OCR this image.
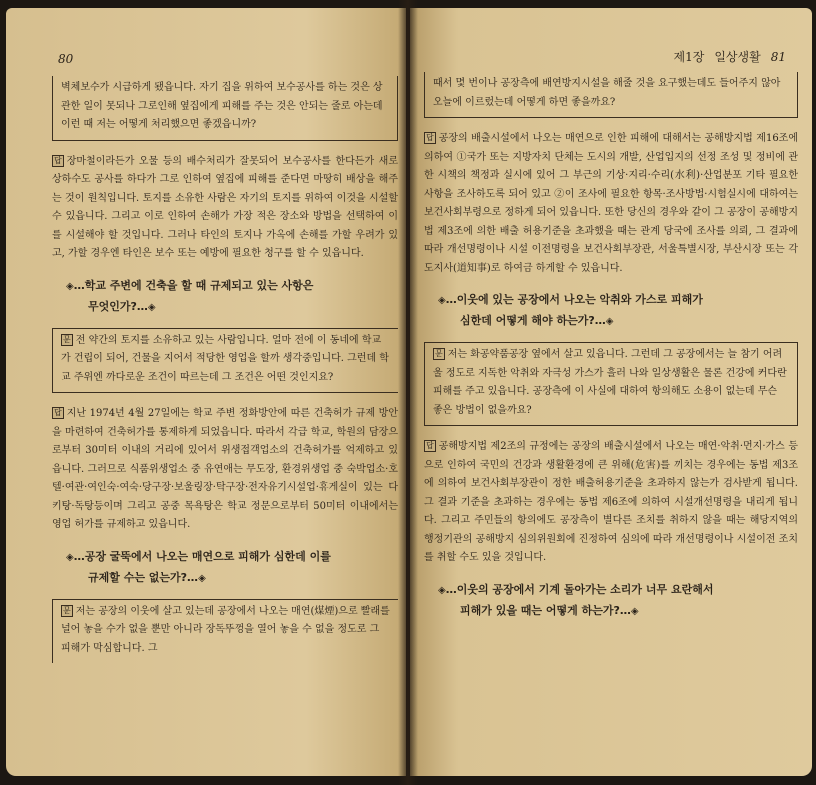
80
벽체보수가 시급하게 됐읍니다. 자기 집을 위하여 보수공사를 하는 것은 상관한 일이 못되나 그로인해 옆집에게 피해를 주는 것은 안되는 줄로 아는데 이런 때 저는 어떻게 처리했으면 좋겠읍니까?

답 장마철이라든가 오물 등의 배수처리가 잘못되어 보수공사를 한다든가 새로 상하수도 공사를 하다가 그로 인하여 옆집에 피해를 준다면 마땅히 배상을 해주는 것이 원칙입니다. 토지를 소유한 사람은 자기의 토지를 위하여 이것을 시설할 수 있읍니다. 그리고 이로 인하여 손해가 가장 적은 장소와 방법을 선택하여 이를 시설해야 할 것입니다. 그러나 타인의 토지나 가옥에 손해를 가할 우려가 있고, 가할 경우엔 타인은 보수 또는 예방에 필요한 청구를 할 수 있읍니다.

◈…학교 주변에 건축을 할 때 규제되고 있는 사항은
무엇인가?…◈
문 전 약간의 토지를 소유하고 있는 사람입니다. 얼마 전에 이 동네에 학교가 건립이 되어, 건물을 지어서 적당한 영업을 할까 생각중입니다. 그런데 학교 주위엔 까다로운 조건이 따르는데 그 조건은 어떤 것인지요?

답 지난 1974년 4월 27일에는 학교 주변 정화방안에 따른 건축허가 규제 방안을 마련하여 건축허가를 통제하게 되었읍니다. 따라서 각급 학교, 학원의 담장으로부터 30미터 이내의 거리에 있어서 위생접객업소의 건축허가를 억제하고 있읍니다. 그러므로 식품위생업소 중 유연애는 무도장, 환경위생업 중 숙박업소·호텔·여관·여인숙·여숙·당구장·보울링장·탁구장·전자유기시설업·휴게실이 있는 다키탕·독탕등이며 그리고 공중 목욕탕은 학교 정문으로부터 50미터 이내에서는 영업 허가를 규제하고 있읍니다.

◈…공장 굴뚝에서 나오는 매연으로 피해가 심한데 이를
규제할 수는 없는가?…◈
문 저는 공장의 이웃에 살고 있는데 공장에서 나오는 매연(煤煙)으로 빨래를 널어 놓을 수가 없을 뿐만 아니라 장독뚜껑을 열어 놓을 수 없을 정도로 그 피해가 막심합니다. 그
제1장 일상생활 81
때서 몇 번이나 공장측에 배연방지시설을 해줄 것을 요구했는데도 들어주지 않아 오늘에 이르렀는데 어떻게 하면 좋을까요?

답 공장의 배출시설에서 나오는 매연으로 인한 피해에 대해서는 공해방지법 제16조에 의하여 ①국가 또는 지방자치 단체는 도시의 개발, 산업입지의 선정 조성 및 정비에 관한 시책의 책정과 실시에 있어 그 부근의 기상·지리·수리(水利)·산업분포 기타 필요한 사항을 조사하도록 되어 있고 ②이 조사에 필요한 항목·조사방법·시험실시에 대하여는 보건사회부령으로 정하게 되어 있읍니다. 또한 당신의 경우와 같이 그 공장이 공해방지법 제3조에 의한 배출 허용기준을 초과했을 때는 관계 당국에 조사를 의뢰, 그 결과에 따라 개선명령이나 시설 이전명령을 보건사회부장관, 서울특별시장, 부산시장 또는 각 도지사(道知事)로 하여금 하게할 수 있읍니다.

◈…이웃에 있는 공장에서 나오는 악취와 가스로 피해가
심한데 어떻게 해야 하는가?…◈
문 저는 화공약품공장 옆에서 살고 있읍니다. 그런데 그 공장에서는 늘 참기 어려울 정도로 지독한 악취와 자극성 가스가 흘러 나와 일상생활은 물론 건강에 커다란 피해를 주고 있읍니다. 공장측에 이 사실에 대하여 항의해도 소용이 없는데 무슨 좋은 방법이 없을까요?

답 공해방지법 제2조의 규정에는 공장의 배출시설에서 나오는 매연·악취·먼지·가스 등으로 인하여 국민의 건강과 생활환경에 큰 위해(危害)를 끼치는 경우에는 동법 제3조에 의하여 보건사회부장관이 정한 배출허용기준을 초과하지 않는가 검사받게 됩니다. 그 결과 기준을 초과하는 경우에는 동법 제6조에 의하여 시설개선명령을 내리게 됩니다. 그리고 주민들의 항의에도 공장측이 별다른 조치를 취하지 않을 때는 해당지역의 행정기관의 공해방지 심의위원회에 진정하여 심의에 따라 개선명령이나 시설이전 조치를 취할 수도 있을 것입니다.

◈…이웃의 공장에서 기계 돌아가는 소리가 너무 요란해서
피해가 있을 때는 어떻게 하는가?…◈
